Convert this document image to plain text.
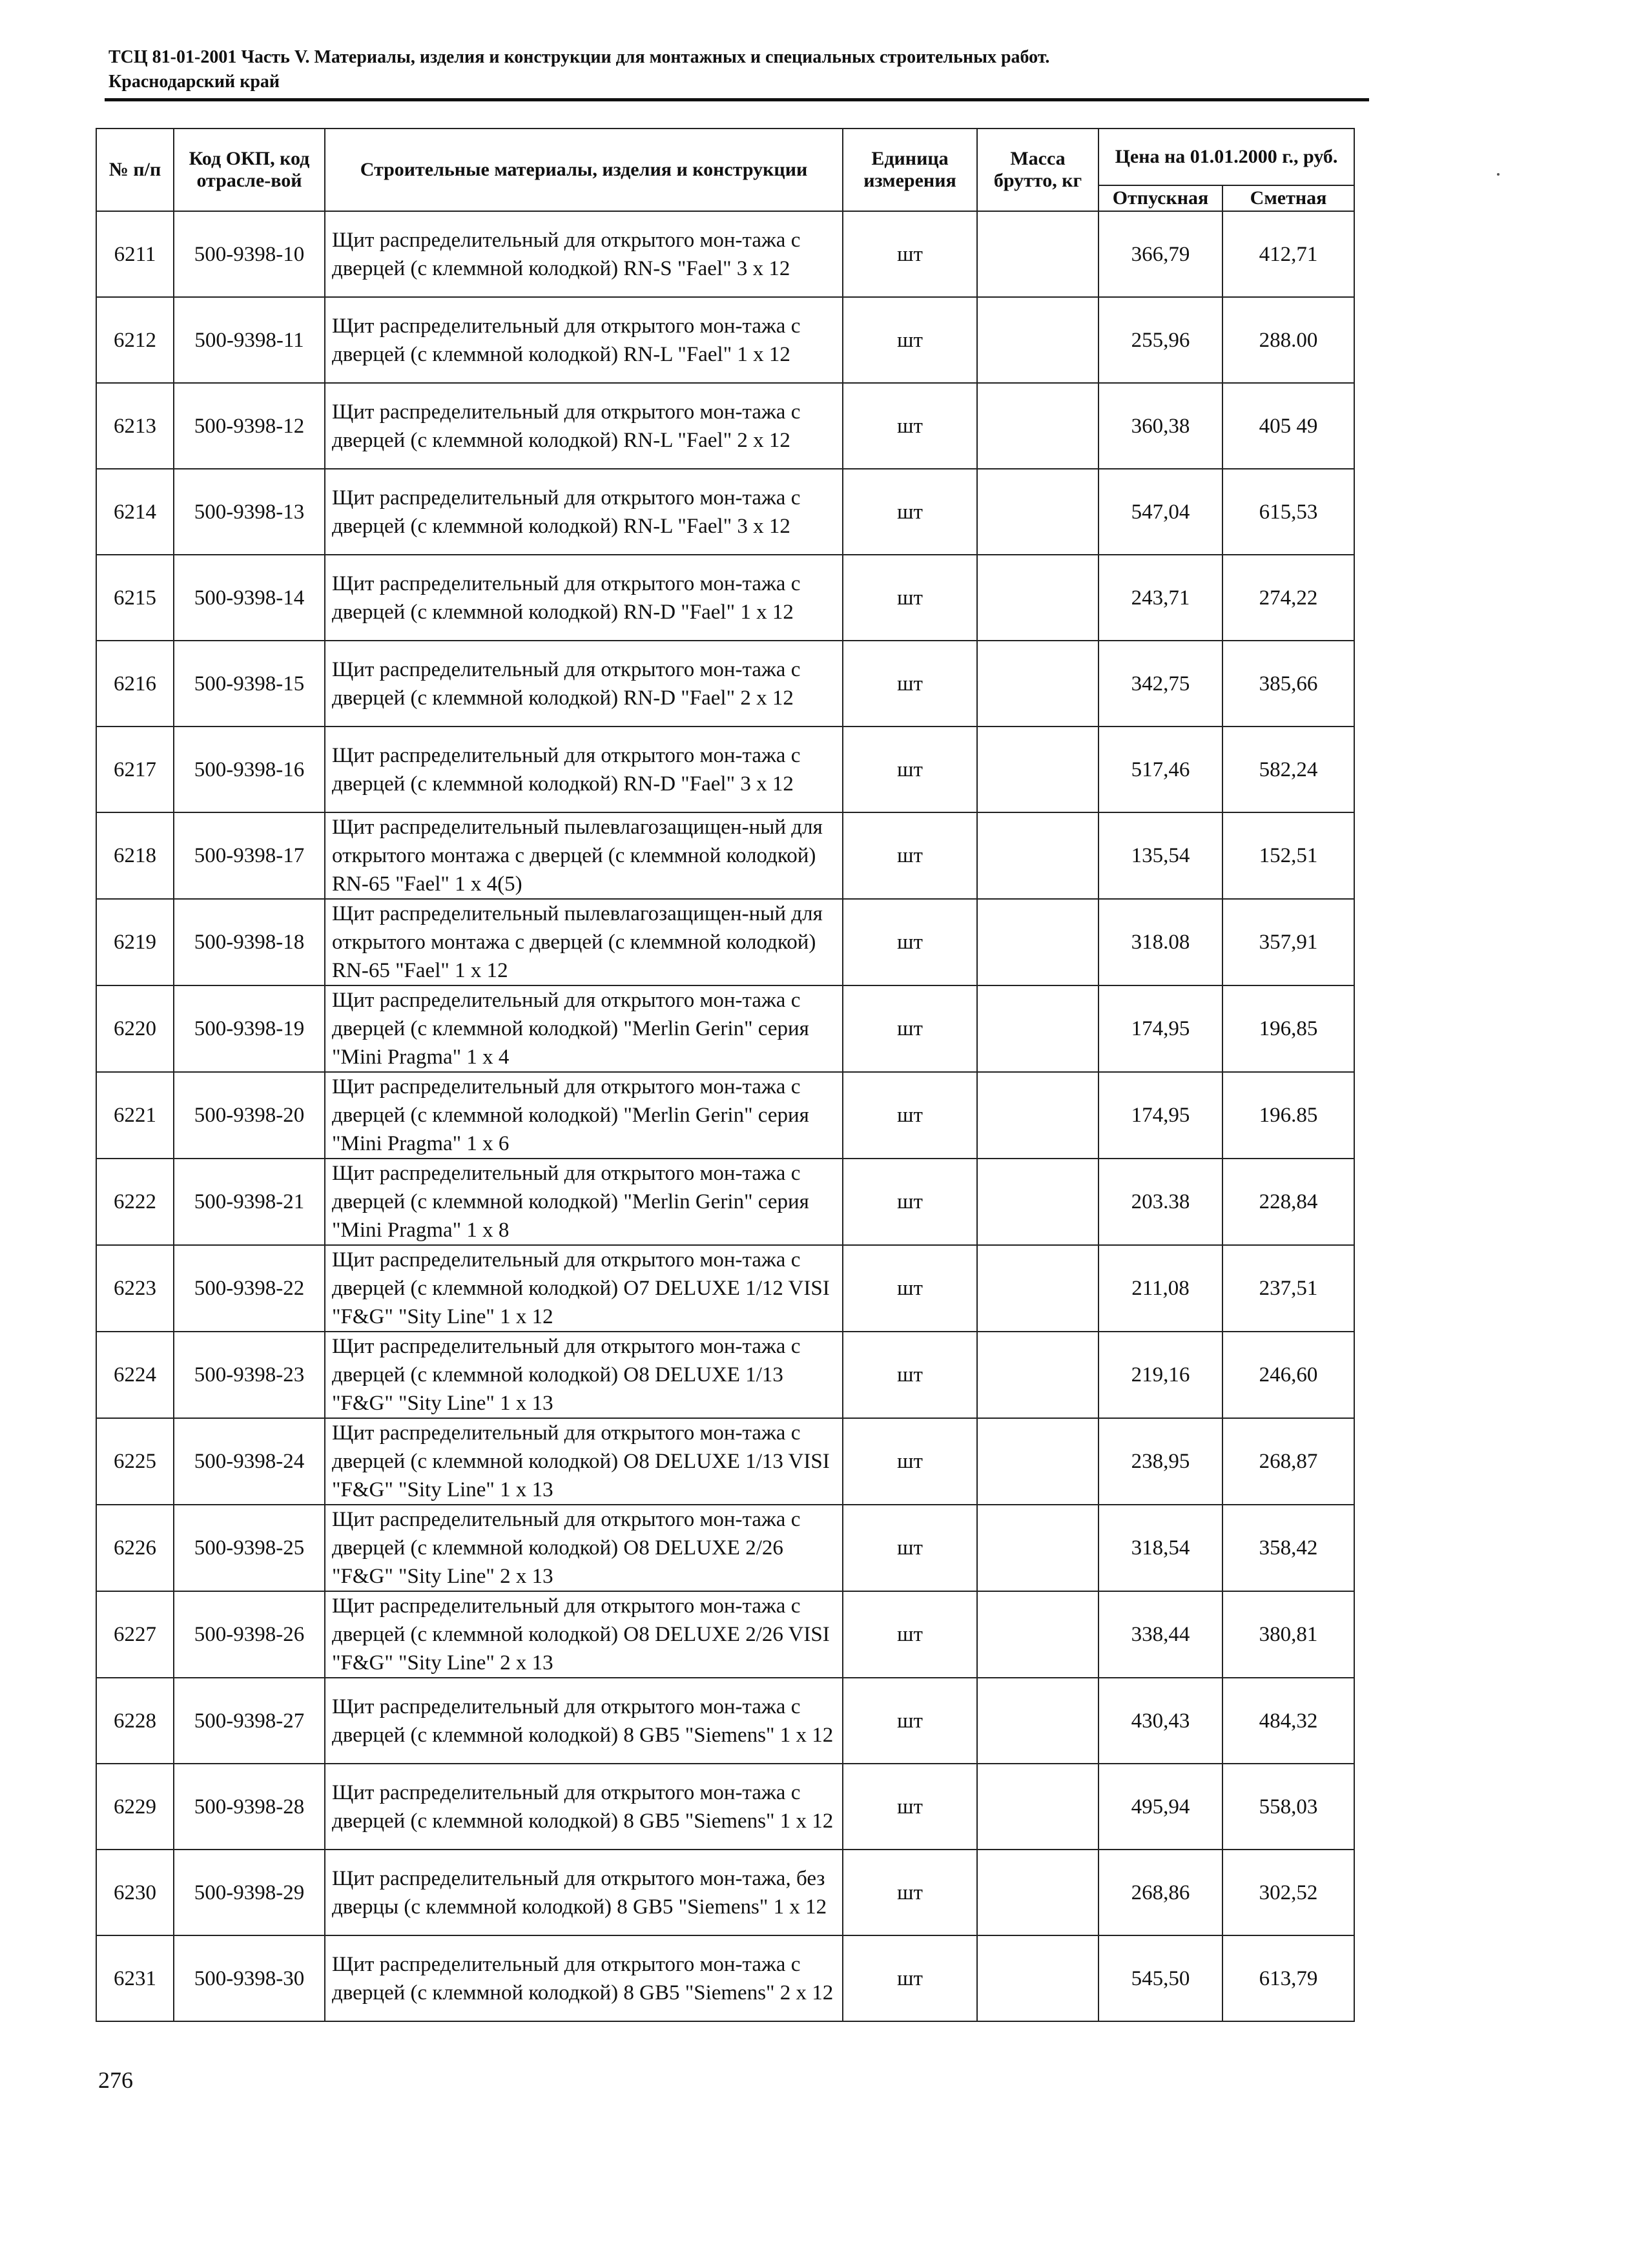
ТСЦ 81-01-2001 Часть V. Материалы, изделия и конструкции для монтажных и специальных строительных работ.
Краснодарский край
№ п/п	Код ОКП, код отрасле-вой	Строительные материалы, изделия и конструкции	Единица измерения	Масса брутто, кг	Цена на 01.01.2000 г., руб.	
					Отпускная	Сметная
6211	500-9398-10	Щит распределительный для открытого мон-тажа с дверцей (с клеммной колодкой) RN-S "Fael" 3 x 12	шт		366,79	412,71
6212	500-9398-11	Щит распределительный для открытого мон-тажа с дверцей (с клеммной колодкой) RN-L "Fael" 1 x 12	шт		255,96	288.00
6213	500-9398-12	Щит распределительный для открытого мон-тажа с дверцей (с клеммной колодкой) RN-L "Fael" 2 x 12	шт		360,38	405 49
6214	500-9398-13	Щит распределительный для открытого мон-тажа с дверцей (с клеммной колодкой) RN-L "Fael" 3 x 12	шт		547,04	615,53
6215	500-9398-14	Щит распределительный для открытого мон-тажа с дверцей (с клеммной колодкой) RN-D "Fael" 1 x 12	шт		243,71	274,22
6216	500-9398-15	Щит распределительный для открытого мон-тажа с дверцей (с клеммной колодкой) RN-D "Fael" 2 x 12	шт		342,75	385,66
6217	500-9398-16	Щит распределительный для открытого мон-тажа с дверцей (с клеммной колодкой) RN-D "Fael" 3 x 12	шт		517,46	582,24
6218	500-9398-17	Щит распределительный пылевлагозащищен-ный для открытого монтажа с дверцей (с клеммной колодкой) RN-65 "Fael" 1 x 4(5)	шт		135,54	152,51
6219	500-9398-18	Щит распределительный пылевлагозащищен-ный для открытого монтажа с дверцей (с клеммной колодкой) RN-65 "Fael" 1 x 12	шт		318.08	357,91
6220	500-9398-19	Щит распределительный для открытого мон-тажа с дверцей (с клеммной колодкой) "Merlin Gerin" серия "Mini Pragma" 1 x 4	шт		174,95	196,85
6221	500-9398-20	Щит распределительный для открытого мон-тажа с дверцей (с клеммной колодкой) "Merlin Gerin" серия "Mini Pragma" 1 x 6	шт		174,95	196.85
6222	500-9398-21	Щит распределительный для открытого мон-тажа с дверцей (с клеммной колодкой) "Merlin Gerin" серия "Mini Pragma" 1 x 8	шт		203.38	228,84
6223	500-9398-22	Щит распределительный для открытого мон-тажа с дверцей (с клеммной колодкой) O7 DELUXE 1/12 VISI "F&G" "Sity Line" 1 x 12	шт		211,08	237,51
6224	500-9398-23	Щит распределительный для открытого мон-тажа с дверцей (с клеммной колодкой) O8 DELUXE 1/13 "F&G" "Sity Line" 1 x 13	шт		219,16	246,60
6225	500-9398-24	Щит распределительный для открытого мон-тажа с дверцей (с клеммной колодкой) O8 DELUXE 1/13 VISI "F&G" "Sity Line" 1 x 13	шт		238,95	268,87
6226	500-9398-25	Щит распределительный для открытого мон-тажа с дверцей (с клеммной колодкой) O8 DELUXE 2/26 "F&G" "Sity Line" 2 x 13	шт		318,54	358,42
6227	500-9398-26	Щит распределительный для открытого мон-тажа с дверцей (с клеммной колодкой) O8 DELUXE 2/26 VISI "F&G" "Sity Line" 2 x 13	шт		338,44	380,81
6228	500-9398-27	Щит распределительный для открытого мон-тажа с дверцей (с клеммной колодкой) 8 GB5 "Siemens" 1 x 12	шт		430,43	484,32
6229	500-9398-28	Щит распределительный для открытого мон-тажа с дверцей (с клеммной колодкой) 8 GB5 "Siemens" 1 x 12	шт		495,94	558,03
6230	500-9398-29	Щит распределительный для открытого мон-тажа, без дверцы (с клеммной колодкой) 8 GB5 "Siemens" 1 x 12	шт		268,86	302,52
6231	500-9398-30	Щит распределительный для открытого мон-тажа с дверцей (с клеммной колодкой) 8 GB5 "Siemens" 2 x 12	шт		545,50	613,79
276
